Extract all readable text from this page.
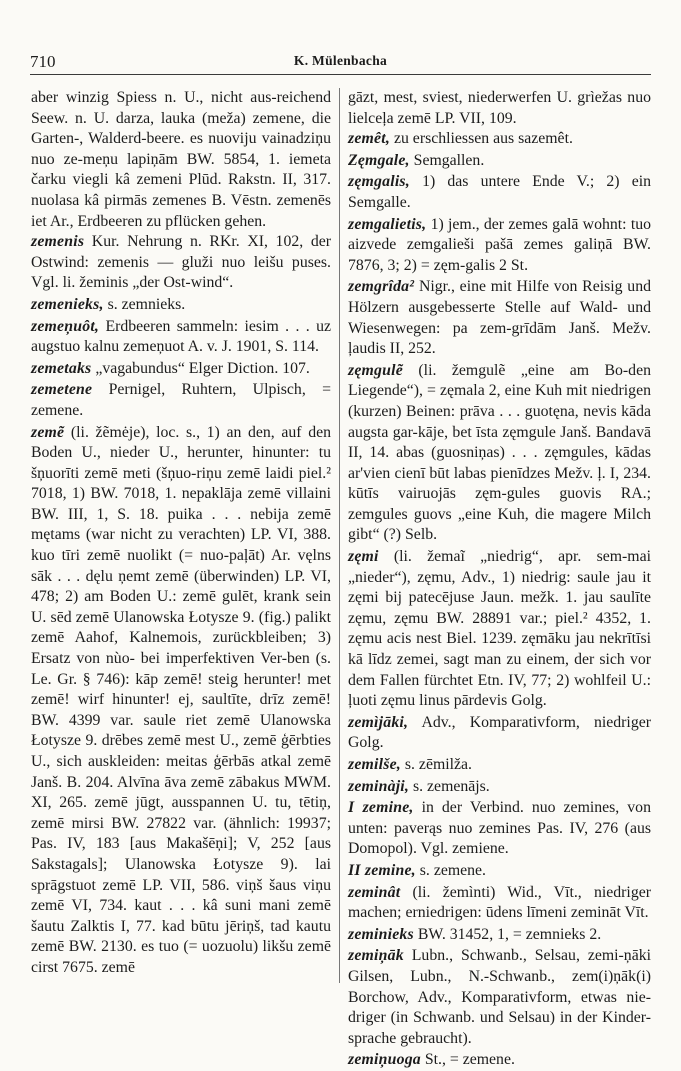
710	K. Mülenbacha

aber winzig Spiess n. U., nicht aus-reichend Seew. n. U. darza, lauka (meža) zemene, die Garten-, Walderd-beere. es nuoviju vainadziņu nuo ze-meņu lapiņām BW. 5854, 1. iemeta čarku viegli kâ zemeni Plūd. Rakstn. II, 317. nuolasa kâ pirmās zemenes B. Vēstn. zemenēs iet Ar., Erdbeeren zu pflücken gehen.

zemenis Kur. Nehrung n. RKr. XI, 102, der Ostwind: zemenis — gluži nuo leišu puses. Vgl. li. žeminis „der Ost-wind“.

zemenieks, s. zemnieks.

zemeņuôt, Erdbeeren sammeln: iesim . . . uz augstuo kalnu zemeņuot A. v. J. 1901, S. 114.

zemetaks „vagabundus“ Elger Diction. 107.

zemetene Pernigel, Ruhtern, Ulpisch, = zemene.

zemẽ (li. žẽmėje), loc. s., 1) an den, auf den Boden U., nieder U., herunter, hinunter: tu šņuorīti zemē meti (šņuo-riņu zemē laidi piel.² 7018, 1) BW. 7018, 1. nepaklāja zemē villaini BW. III, 1, S. 18. puika . . . nebija zemē mętams (war nicht zu verachten) LP. VI, 388. kuo tīri zemē nuolikt (= nuo-paļāt) Ar. vęlns sāk . . . dęlu ņemt zemē (überwinden) LP. VI, 478; 2) am Boden U.: zemē gulēt, krank sein U. sēd zemē Ulanowska Łotysze 9. (fig.) palikt zemē Aahof, Kalnemois, zurückbleiben; 3) Ersatz von nùo- bei imperfektiven Ver-ben (s. Le. Gr. § 746): kāp zemē! steig herunter! met zemē! wirf hinunter! ej, saultīte, drīz zemē! BW. 4399 var. saule riet zemē Ulanowska Łotysze 9. drēbes zemē mest U., zemē ģērbties U., sich auskleiden: meitas ģērbās atkal zemē Janš. B. 204. Alvīna āva zemē zābakus MWM. XI, 265. zemē jūgt, ausspannen U. tu, tētiņ, zemē mirsi BW. 27822 var. (ähnlich: 19937; Pas. IV, 183 [aus Makašēņi]; V, 252 [aus Sakstagals]; Ulanowska Łotysze 9). lai sprāgstuot zemē LP. VII, 586. viņš šaus viņu zemē VI, 734. kaut . . . kâ suni mani zemē šautu Zalktis I, 77. kad būtu jēriņš, tad kautu zemē BW. 2130. es tuo (= uozuolu) likšu zemē cirst 7675. zemē

gāzt, mest, sviest, niederwerfen U. grìežas nuo lielceļa zemē LP. VII, 109.

zemêt, zu erschliessen aus sazemêt.

Zęmgale, Semgallen.

zęmgalis, 1) das untere Ende V.; 2) ein Semgalle.

zemgalietis, 1) jem., der zemes galā wohnt: tuo aizvede zemgalieši pašā zemes galiņā BW. 7876, 3; 2) = zęm-galis 2 St.

zemgrîda² Nigr., eine mit Hilfe von Reisig und Hölzern ausgebesserte Stelle auf Wald- und Wiesenwegen: pa zem-grīdām Janš. Mežv. ļaudis II, 252.

zęmgulẽ (li. žemgulẽ „eine am Bo-den Liegende“), = zęmala 2, eine Kuh mit niedrigen (kurzen) Beinen: prāva . . . guotęna, nevis kāda augsta gar-kāje, bet īsta zęmgule Janš. Bandavā II, 14. abas (guosniņas) . . . zęmgules, kādas ar'vien cienī būt labas pienīdzes Mežv. ļ. I, 234. kūtīs vairuojās zęm-gules guovis RA.; zemgules guovs „eine Kuh, die magere Milch gibt“ (?) Selb.

zęmi (li. žemaĩ „niedrig“, apr. sem-mai „nieder“), zęmu, Adv., 1) niedrig: saule jau it zęmi bij patecējuse Jaun. mežk. 1. jau saulīte zęmu, zęmu BW. 28891 var.; piel.² 4352, 1. zęmu acis nest Biel. 1239. zęmāku jau nekrītīsi kā līdz zemei, sagt man zu einem, der sich vor dem Fallen fürchtet Etn. IV, 77; 2) wohlfeil U.: ļuoti zęmu linus pārdevis Golg.

zemìjāki, Adv., Komparativform, niedriger Golg.

zemilše, s. zēmilža.

zeminàji, s. zemenājs.

I zemine, in der Verbind. nuo zemines, von unten: paverąs nuo zemines Pas. IV, 276 (aus Domopol). Vgl. zemiene.

II zemine, s. zemene.

zeminât (li. žemìnti) Wid., Vīt., niedriger machen; erniedrigen: ūdens līmeni zemināt Vīt.

zeminieks BW. 31452, 1, = zemnieks 2.

zemiņāk Lubn., Schwanb., Selsau, zemi-ņāki Gilsen, Lubn., N.-Schwanb., zem(i)ņāk(i) Borchow, Adv., Komparativform, etwas nie-driger (in Schwanb. und Selsau) in der Kinder-sprache gebraucht).

zemiņuoga St., = zemene.
